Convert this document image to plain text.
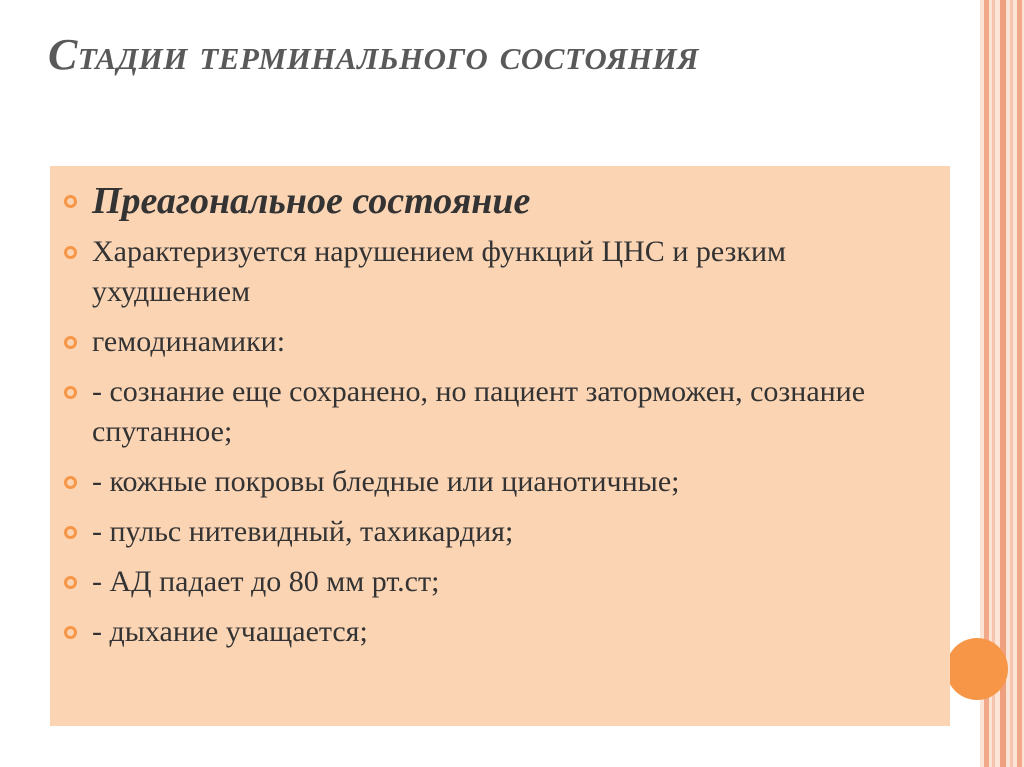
Стадии терминального состояния
Преагональное состояние
Характеризуется нарушением функций ЦНС и резким ухудшением
гемодинамики:
- сознание еще сохранено, но пациент заторможен, сознание спутанное;
- кожные покровы бледные или цианотичные;
- пульс нитевидный, тахикардия;
- АД падает до 80 мм рт.ст;
- дыхание учащается;
